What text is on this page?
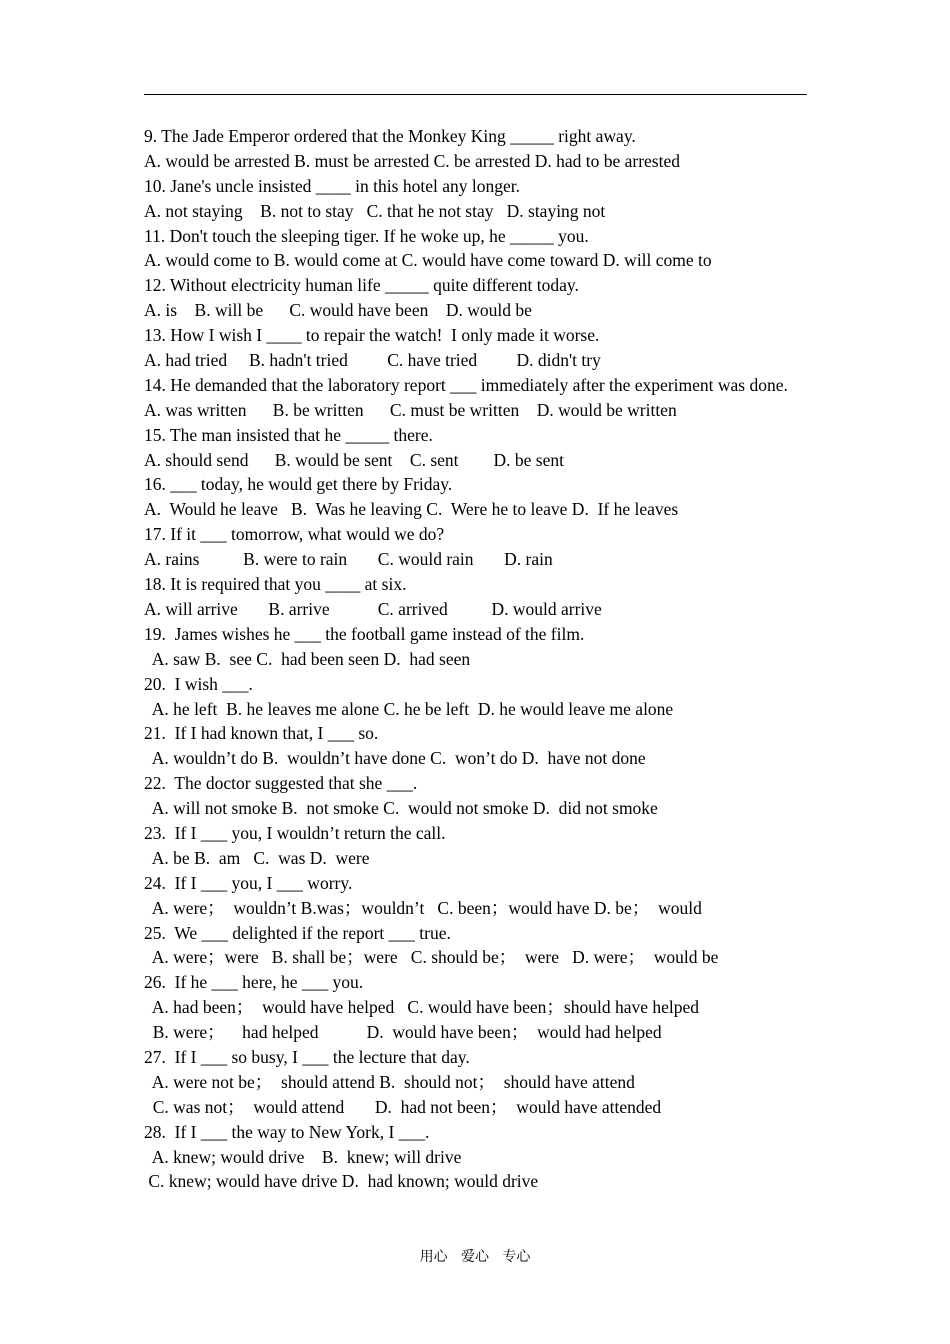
9. The Jade Emperor ordered that the Monkey King _____ right away.
A. would be arrested B. must be arrested C. be arrested D. had to be arrested
10. Jane's uncle insisted ____ in this hotel any longer.
A. not staying    B. not to stay   C. that he not stay   D. staying not
11. Don't touch the sleeping tiger. If he woke up, he _____ you.
A. would come to B. would come at C. would have come toward D. will come to
12. Without electricity human life _____ quite different today.
A. is    B. will be      C. would have been    D. would be
13. How I wish I ____ to repair the watch!  I only made it worse.
A. had tried     B. hadn't tried         C. have tried         D. didn't try
14. He demanded that the laboratory report ___ immediately after the experiment was done.
A. was written      B. be written      C. must be written    D. would be written
15. The man insisted that he _____ there.
A. should send      B. would be sent    C. sent        D. be sent
16. ___ today, he would get there by Friday.
A.  Would he leave   B.  Was he leaving C.  Were he to leave D.  If he leaves
17. If it ___ tomorrow, what would we do?
A. rains          B. were to rain       C. would rain       D. rain
18. It is required that you ____ at six.
A. will arrive       B. arrive           C. arrived          D. would arrive
19.  James wishes he ___ the football game instead of the film.
A. saw B.  see C.  had been seen D.  had seen
20.  I wish ___.
A. he left  B. he leaves me alone C. he be left  D. he would leave me alone
21.  If I had known that, I ___ so.
A. wouldn’t do B.  wouldn’t have done C.  won’t do D.  have not done
22.  The doctor suggested that she ___.
A. will not smoke B.  not smoke C.  would not smoke D.  did not smoke
23.  If I ___ you, I wouldn’t return the call.
A. be B.  am   C.  was D.  were
24.  If I ___ you, I ___ worry.
A. were；  wouldn’t B.was；wouldn’t   C. been；would have D. be；  would
25.  We ___ delighted if the report ___ true.
A. were；were   B. shall be；were   C. should be；  were   D. were；  would be
26.  If he ___ here, he ___ you.
A. had been；  would have helped   C. would have been；should have helped
B. were；    had helped           D.  would have been；  would had helped
27.  If I ___ so busy, I ___ the lecture that day.
A. were not be；  should attend B.  should not；  should have attend
C. was not；  would attend       D.  had not been；  would have attended
28.  If I ___ the way to New York, I ___.
A. knew; would drive    B.  knew; will drive
C. knew; would have drive D.  had known; would drive
用心   爱心   专心
